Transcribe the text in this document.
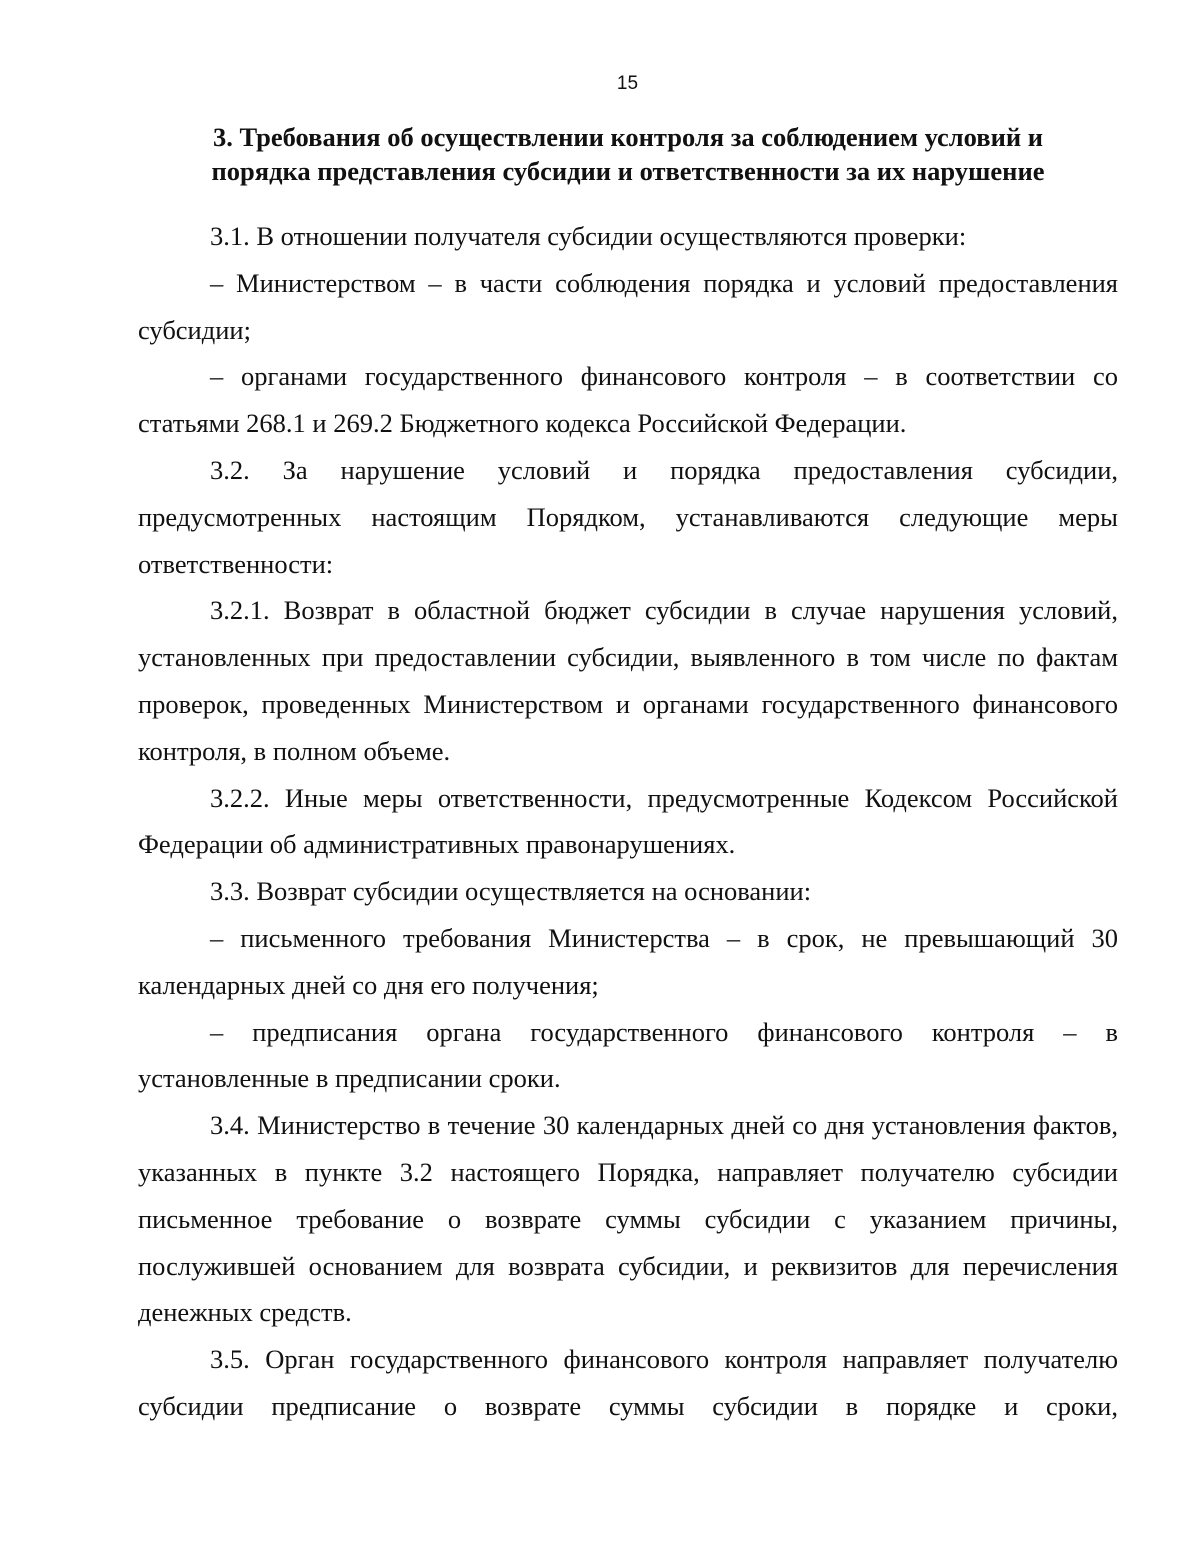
15
3. Требования об осуществлении контроля за соблюдением условий и
порядка представления субсидии и ответственности за их нарушение

3.1. В отношении получателя субсидии осуществляются проверки:

– Министерством – в части соблюдения порядка и условий предоставления субсидии;

– органами государственного финансового контроля – в соответствии со статьями 268.1 и 269.2 Бюджетного кодекса Российской Федерации.

3.2. За нарушение условий и порядка предоставления субсидии, предусмотренных настоящим Порядком, устанавливаются следующие меры ответственности:

3.2.1. Возврат в областной бюджет субсидии в случае нарушения условий, установленных при предоставлении субсидии, выявленного в том числе по фактам проверок, проведенных Министерством и органами государственного финансового контроля, в полном объеме.

3.2.2. Иные меры ответственности, предусмотренные Кодексом Российской Федерации об административных правонарушениях.

3.3. Возврат субсидии осуществляется на основании:

– письменного требования Министерства – в срок, не превышающий 30 календарных дней со дня его получения;

– предписания органа государственного финансового контроля – в установленные в предписании сроки.

3.4. Министерство в течение 30 календарных дней со дня установления фактов, указанных в пункте 3.2 настоящего Порядка, направляет получателю субсидии письменное требование о возврате суммы субсидии с указанием причины, послужившей основанием для возврата субсидии, и реквизитов для перечисления денежных средств.

3.5. Орган государственного финансового контроля направляет получателю субсидии предписание о возврате суммы субсидии в порядке и сроки,
